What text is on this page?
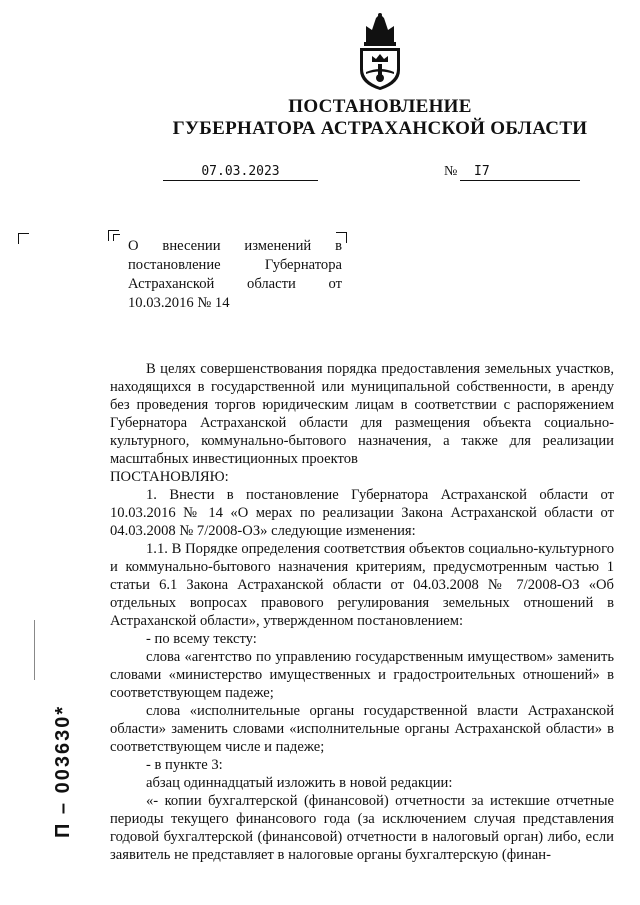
ПОСТАНОВЛЕНИЕ
ГУБЕРНАТОРА АСТРАХАНСКОЙ ОБЛАСТИ
07.03.2023	№	I7

О внесении изменений в постановление Губернатора Астраханской области от 10.03.2016 № 14

В целях совершенствования порядка предоставления земельных участков, находящихся в государственной или муниципальной собственности, в аренду без проведения торгов юридическим лицам в соответствии с распоряжением Губернатора Астраханской области для размещения объекта социально-культурного, коммунально-бытового назначения, а также для реализации масштабных инвестиционных проектов

ПОСТАНОВЛЯЮ:

1. Внести в постановление Губернатора Астраханской области от 10.03.2016 № 14 «О мерах по реализации Закона Астраханской области от 04.03.2008 № 7/2008-ОЗ» следующие изменения:

1.1. В Порядке определения соответствия объектов социально-культурного и коммунально-бытового назначения критериям, предусмотренным частью 1 статьи 6.1 Закона Астраханской области от 04.03.2008 № 7/2008-ОЗ «Об отдельных вопросах правового регулирования земельных отношений в Астраханской области», утвержденном постановлением:

- по всему тексту:

слова «агентство по управлению государственным имуществом» заменить словами «министерство имущественных и градостроительных отношений» в соответствующем падеже;

слова «исполнительные органы государственной власти Астраханской области» заменить словами «исполнительные органы Астраханской области» в соответствующем числе и падеже;

- в пункте 3:

абзац одиннадцатый изложить в новой редакции:

«- копии бухгалтерской (финансовой) отчетности за истекшие отчетные периоды текущего финансового года (за исключением случая представления годовой бухгалтерской (финансовой) отчетности в налоговый орган) либо, если заявитель не представляет в налоговые органы бухгалтерскую (финан-

П – 003630*
